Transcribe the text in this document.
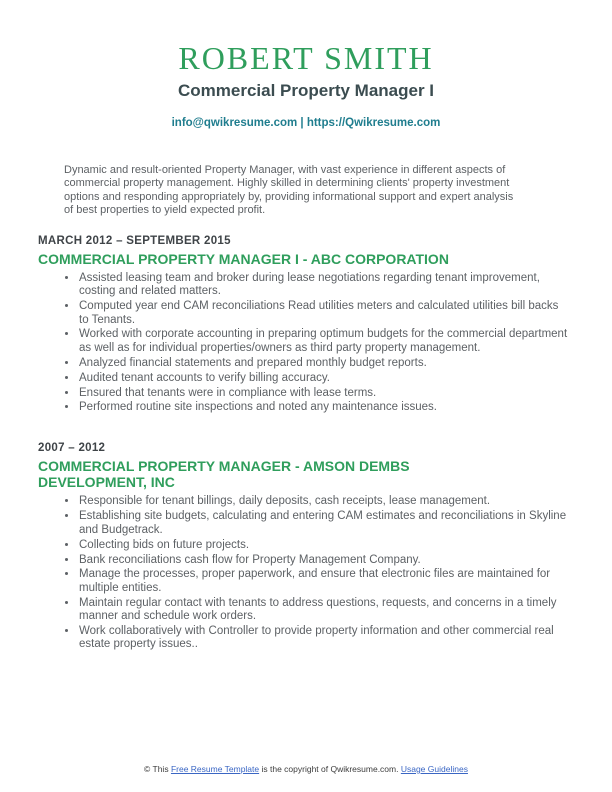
ROBERT SMITH
Commercial Property Manager I
info@qwikresume.com | https://Qwikresume.com

Dynamic and result-oriented Property Manager, with vast experience in different aspects of commercial property management. Highly skilled in determining clients' property investment options and responding appropriately by, providing informational support and expert analysis of best properties to yield expected profit.

MARCH 2012 – SEPTEMBER 2015
COMMERCIAL PROPERTY MANAGER I - ABC CORPORATION
• Assisted leasing team and broker during lease negotiations regarding tenant improvement, costing and related matters.
• Computed year end CAM reconciliations Read utilities meters and calculated utilities bill backs to Tenants.
• Worked with corporate accounting in preparing optimum budgets for the commercial department as well as for individual properties/owners as third party property management.
• Analyzed financial statements and prepared monthly budget reports.
• Audited tenant accounts to verify billing accuracy.
• Ensured that tenants were in compliance with lease terms.
• Performed routine site inspections and noted any maintenance issues.
2007 – 2012
COMMERCIAL PROPERTY MANAGER - AMSON DEMBS DEVELOPMENT, INC
• Responsible for tenant billings, daily deposits, cash receipts, lease management.
• Establishing site budgets, calculating and entering CAM estimates and reconciliations in Skyline and Budgetrack.
• Collecting bids on future projects.
• Bank reconciliations cash flow for Property Management Company.
• Manage the processes, proper paperwork, and ensure that electronic files are maintained for multiple entities.
• Maintain regular contact with tenants to address questions, requests, and concerns in a timely manner and schedule work orders.
• Work collaboratively with Controller to provide property information and other commercial real estate property issues..
© This Free Resume Template is the copyright of Qwikresume.com. Usage Guidelines
